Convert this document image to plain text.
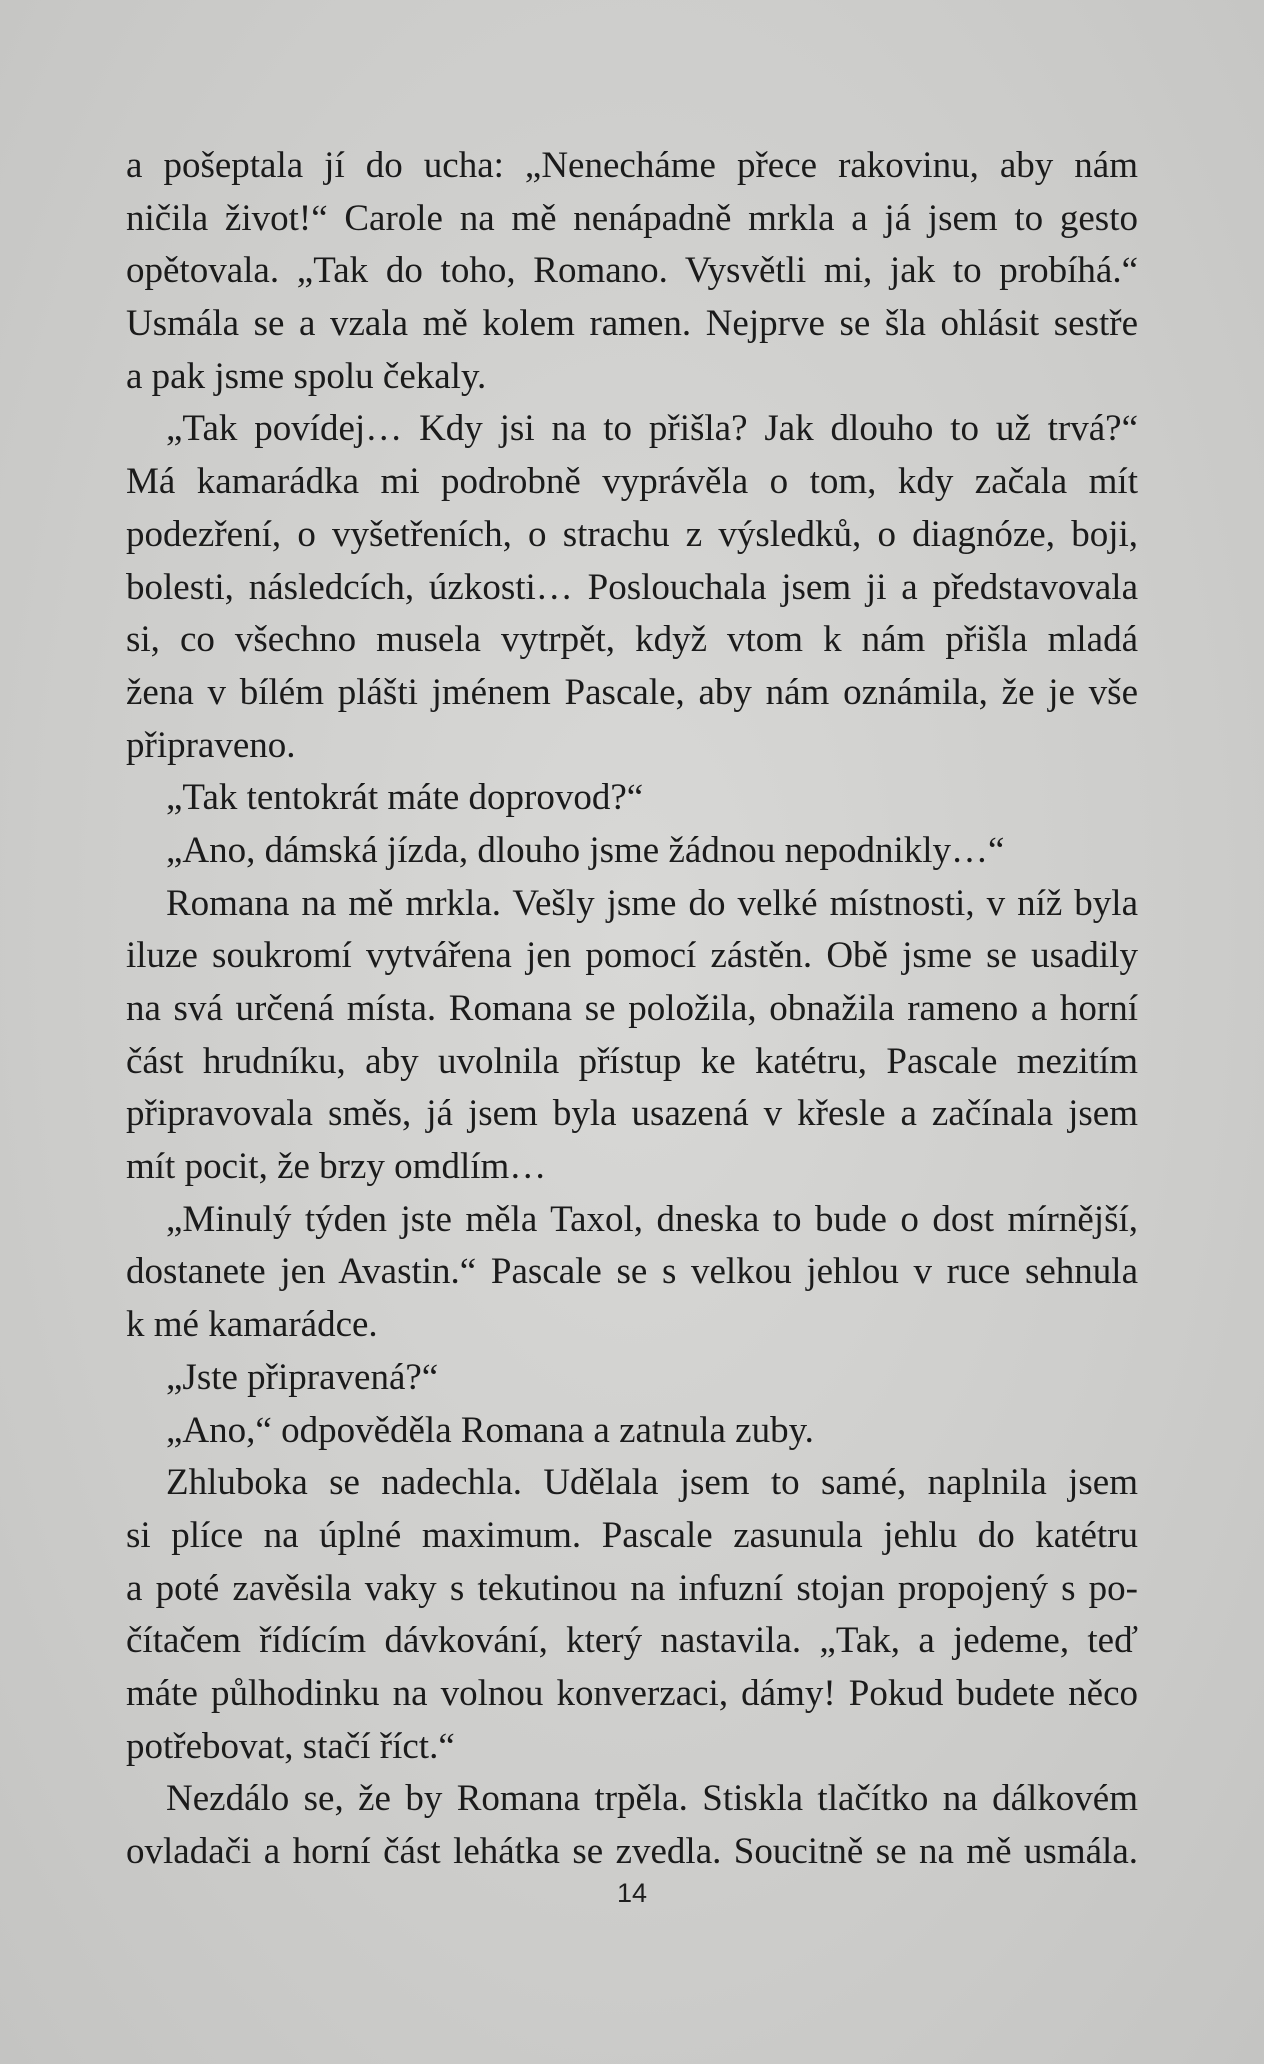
a pošeptala jí do ucha: „Nenecháme přece rakovinu, aby nám
ničila život!“ Carole na mě nenápadně mrkla a já jsem to gesto
opětovala. „Tak do toho, Romano. Vysvětli mi, jak to probíhá.“
Usmála se a vzala mě kolem ramen. Nejprve se šla ohlásit sestře
a pak jsme spolu čekaly.
„Tak povídej… Kdy jsi na to přišla? Jak dlouho to už trvá?“
Má kamarádka mi podrobně vyprávěla o tom, kdy začala mít
podezření, o vyšetřeních, o strachu z výsledků, o diagnóze, boji,
bolesti, následcích, úzkosti… Poslouchala jsem ji a představovala
si, co všechno musela vytrpět, když vtom k nám přišla mladá
žena v bílém plášti jménem Pascale, aby nám oznámila, že je vše
připraveno.
„Tak tentokrát máte doprovod?“
„Ano, dámská jízda, dlouho jsme žádnou nepodnikly…“
Romana na mě mrkla. Vešly jsme do velké místnosti, v níž byla
iluze soukromí vytvářena jen pomocí zástěn. Obě jsme se usadily
na svá určená místa. Romana se položila, obnažila rameno a horní
část hrudníku, aby uvolnila přístup ke katétru, Pascale mezitím
připravovala směs, já jsem byla usazená v křesle a začínala jsem
mít pocit, že brzy omdlím…
„Minulý týden jste měla Taxol, dneska to bude o dost mírnější,
dostanete jen Avastin.“ Pascale se s velkou jehlou v ruce sehnula
k mé kamarádce.
„Jste připravená?“
„Ano,“ odpověděla Romana a zatnula zuby.
Zhluboka se nadechla. Udělala jsem to samé, naplnila jsem
si plíce na úplné maximum. Pascale zasunula jehlu do katétru
a poté zavěsila vaky s tekutinou na infuzní stojan propojený s po-
čítačem řídícím dávkování, který nastavila. „Tak, a jedeme, teď
máte půlhodinku na volnou konverzaci, dámy! Pokud budete něco
potřebovat, stačí říct.“
Nezdálo se, že by Romana trpěla. Stiskla tlačítko na dálkovém
ovladači a horní část lehátka se zvedla. Soucitně se na mě usmála.
14
